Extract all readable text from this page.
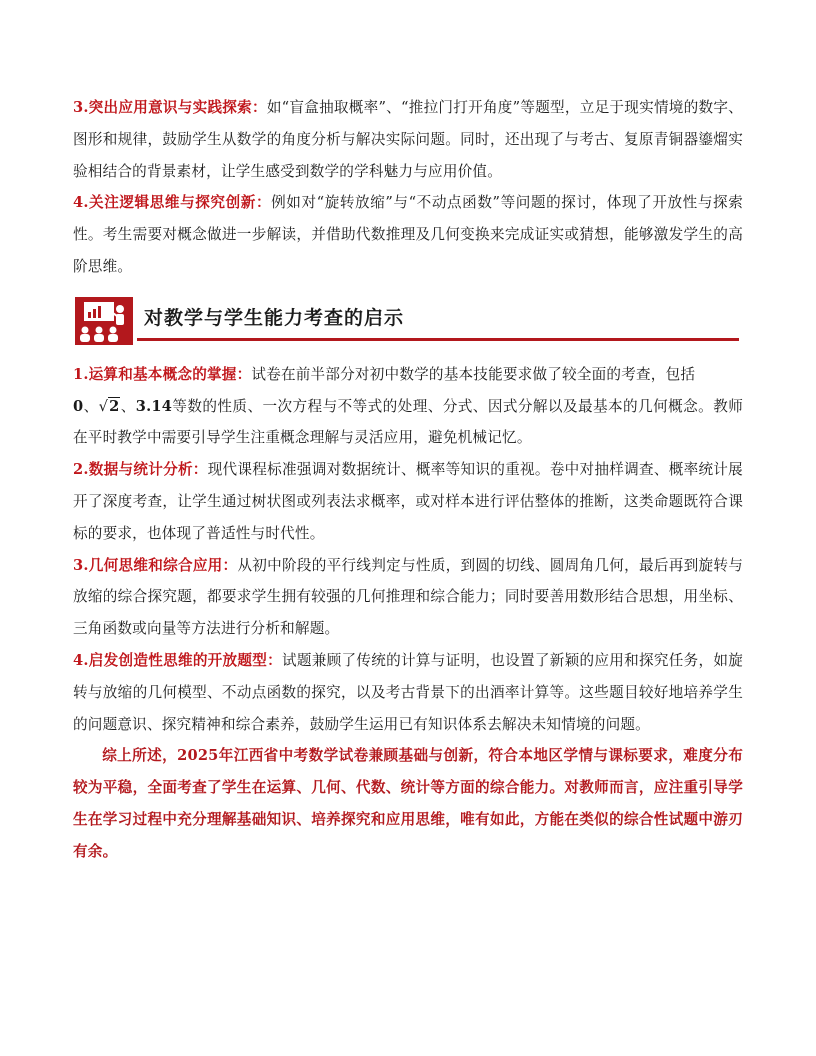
3.突出应用意识与实践探索：如“盲盒抽取概率”、“推拉门打开角度”等题型，立足于现实情境的数字、图形和规律，鼓励学生从数学的角度分析与解决实际问题。同时，还出现了与考古、复原青铜器鎏熘实验相结合的背景素材，让学生感受到数学的学科魅力与应用价值。

4.关注逻辑思维与探究创新：例如对“旋转放缩”与“不动点函数”等问题的探讨，体现了开放性与探索性。考生需要对概念做进一步解读，并借助代数推理及几何变换来完成证实或猜想，能够激发学生的高阶思维。

对教学与学生能力考查的启示

1.运算和基本概念的掌握：试卷在前半部分对初中数学的基本技能要求做了较全面的考查，包括
0、√2、3.14等数的性质、一次方程与不等式的处理、分式、因式分解以及最基本的几何概念。教师在平时教学中需要引导学生注重概念理解与灵活应用，避免机械记忆。

2.数据与统计分析：现代课程标准强调对数据统计、概率等知识的重视。卷中对抽样调查、概率统计展开了深度考查，让学生通过树状图或列表法求概率，或对样本进行评估整体的推断，这类命题既符合课标的要求，也体现了普适性与时代性。

3.几何思维和综合应用：从初中阶段的平行线判定与性质，到圆的切线、圆周角几何，最后再到旋转与放缩的综合探究题，都要求学生拥有较强的几何推理和综合能力；同时要善用数形结合思想，用坐标、三角函数或向量等方法进行分析和解题。

4.启发创造性思维的开放题型：试题兼顾了传统的计算与证明，也设置了新颖的应用和探究任务，如旋转与放缩的几何模型、不动点函数的探究，以及考古背景下的出酒率计算等。这些题目较好地培养学生的问题意识、探究精神和综合素养，鼓励学生运用已有知识体系去解决未知情境的问题。

综上所述，2025年江西省中考数学试卷兼顾基础与创新，符合本地区学情与课标要求，难度分布较为平稳，全面考查了学生在运算、几何、代数、统计等方面的综合能力。对教师而言，应注重引导学生在学习过程中充分理解基础知识、培养探究和应用思维，唯有如此，方能在类似的综合性试题中游刃有余。
